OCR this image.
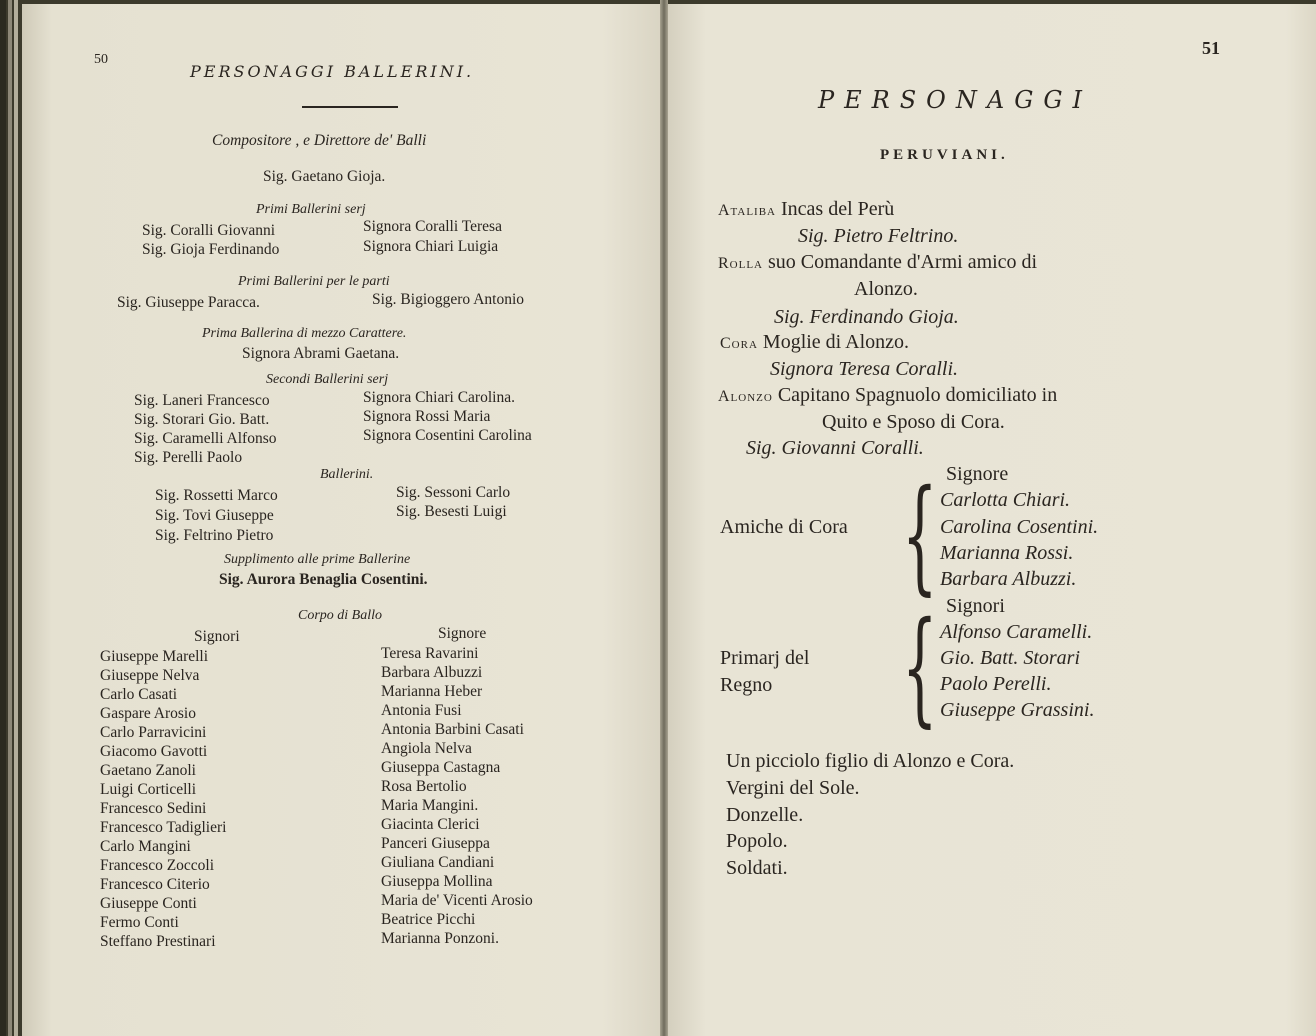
50
PERSONAGGI BALLERINI.
Compositore , e Direttore de' Balli
Sig. Gaetano Gioja.
Primi Ballerini serj
Sig. Coralli Giovanni
Sig. Gioja Ferdinando
Signora Coralli Teresa
Signora Chiari Luigia
Primi Ballerini per le parti
Sig. Giuseppe Paracca.	Sig. Bigioggero Antonio
Prima Ballerina di mezzo Carattere.
Signora Abrami Gaetana.
Secondi Ballerini serj
Sig. Laneri Francesco
Sig. Storari Gio. Batt.
Sig. Caramelli Alfonso
Sig. Perelli Paolo
Signora Chiari Carolina.
Signora Rossi Maria
Signora Cosentini Carolina
Ballerini.
Sig. Rossetti Marco
Sig. Tovi Giuseppe
Sig. Feltrino Pietro
Sig. Sessoni Carlo
Sig. Besesti Luigi
Supplimento alle prime Ballerine
Sig. Aurora Benaglia Cosentini.
Corpo di Ballo
Signori	Signore
Giuseppe Marelli
Giuseppe Nelva
Carlo Casati
Gaspare Arosio
Carlo Parravicini
Giacomo Gavotti
Gaetano Zanoli
Luigi Corticelli
Francesco Sedini
Francesco Tadiglieri
Carlo Mangini
Francesco Zoccoli
Francesco Citerio
Giuseppe Conti
Fermo Conti
Steffano Prestinari
Teresa Ravarini
Barbara Albuzzi
Marianna Heber
Antonia Fusi
Antonia Barbini Casati
Angiola Nelva
Giuseppa Castagna
Rosa Bertolio
Maria Mangini.
Giacinta Clerici
Panceri Giuseppa
Giuliana Candiani
Giuseppa Mollina
Maria de' Vicenti Arosio
Beatrice Picchi
Marianna Ponzoni.
51
PERSONAGGI
PERUVIANI.
Ataliba Incas del Perù
Sig. Pietro Feltrino.
Rolla suo Comandante d'Armi amico di
Alonzo.
Sig. Ferdinando Gioja.
Cora Moglie di Alonzo.
Signora Teresa Coralli.
Alonzo Capitano Spagnuolo domiciliato in
Quito e Sposo di Cora.
Sig. Giovanni Coralli.
Signore
Amiche di Cora { Carlotta Chiari.
Carolina Cosentini.
Marianna Rossi.
Barbara Albuzzi.
Signori
Primarj del
Regno { Alfonso Caramelli.
Gio. Batt. Storari
Paolo Perelli.
Giuseppe Grassini.
Un picciolo figlio di Alonzo e Cora.
Vergini del Sole.
Donzelle.
Popolo.
Soldati.
